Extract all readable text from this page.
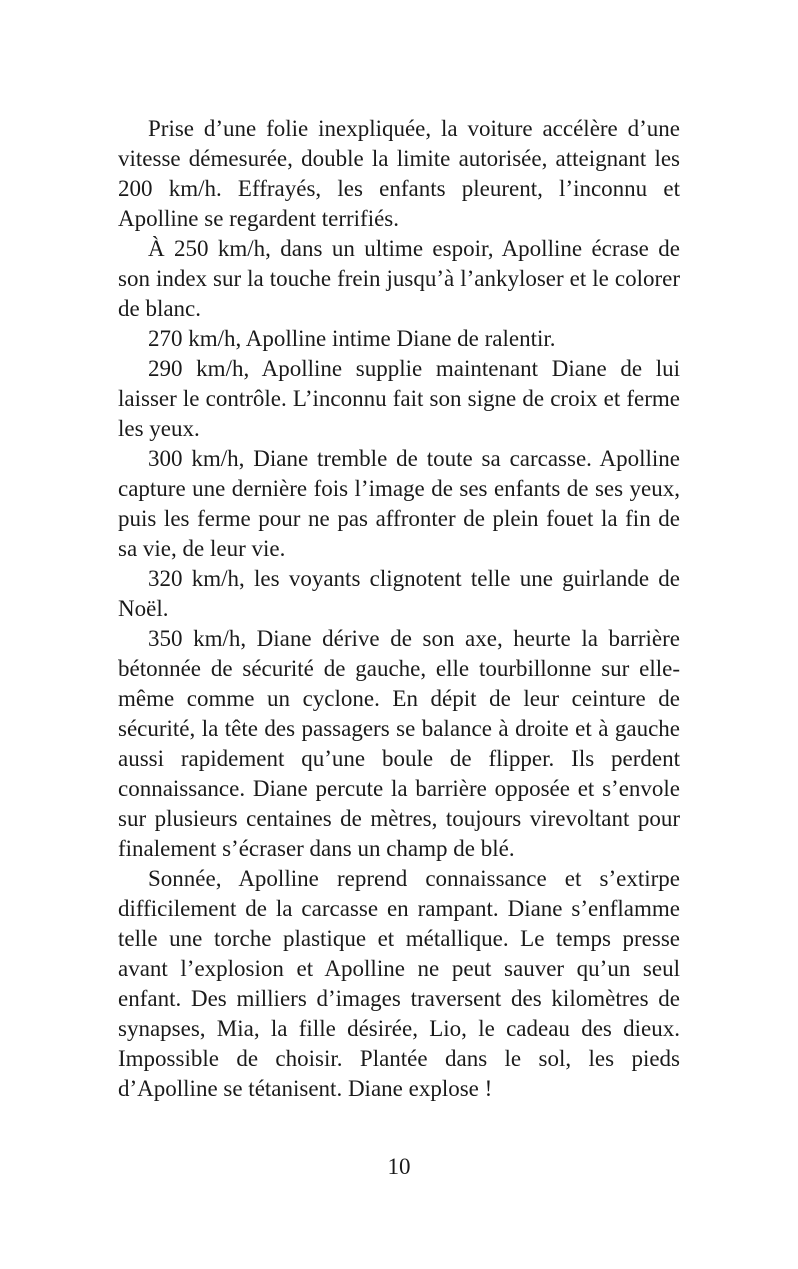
Prise d’une folie inexpliquée, la voiture accélère d’une vitesse démesurée, double la limite autorisée, atteignant les 200 km/h. Effrayés, les enfants pleurent, l’inconnu et Apolline se regardent terrifiés.

À 250 km/h, dans un ultime espoir, Apolline écrase de son index sur la touche frein jusqu’à l’ankyloser et le colorer de blanc.

270 km/h, Apolline intime Diane de ralentir.

290 km/h, Apolline supplie maintenant Diane de lui laisser le contrôle. L’inconnu fait son signe de croix et ferme les yeux.

300 km/h, Diane tremble de toute sa carcasse. Apolline capture une dernière fois l’image de ses enfants de ses yeux, puis les ferme pour ne pas affronter de plein fouet la fin de sa vie, de leur vie.

320 km/h, les voyants clignotent telle une guirlande de Noël.

350 km/h, Diane dérive de son axe, heurte la barrière bétonnée de sécurité de gauche, elle tourbillonne sur elle-même comme un cyclone. En dépit de leur ceinture de sécurité, la tête des passagers se balance à droite et à gauche aussi rapidement qu’une boule de flipper. Ils perdent connaissance. Diane percute la barrière opposée et s’envole sur plusieurs centaines de mètres, toujours virevoltant pour finalement s’écraser dans un champ de blé.

Sonnée, Apolline reprend connaissance et s’extirpe difficilement de la carcasse en rampant. Diane s’enflamme telle une torche plastique et métallique. Le temps presse avant l’explosion et Apolline ne peut sauver qu’un seul enfant. Des milliers d’images traversent des kilomètres de synapses, Mia, la fille désirée, Lio, le cadeau des dieux. Impossible de choisir. Plantée dans le sol, les pieds d’Apolline se tétanisent. Diane explose !

10
